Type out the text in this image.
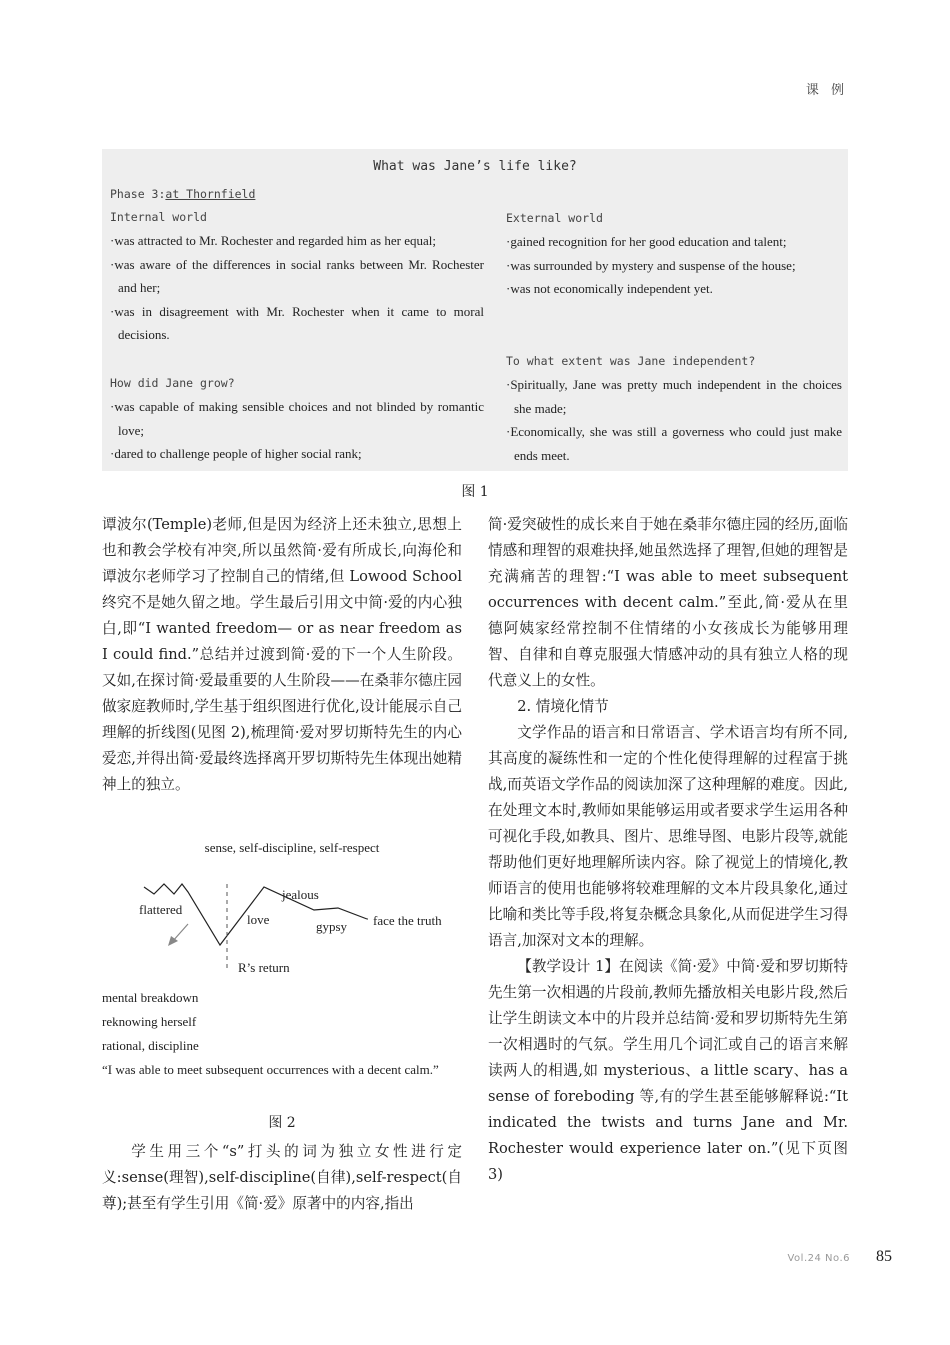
课 例
What was Jane’s life like?
Phase 3:at Thornfield
Internal world
·was attracted to Mr. Rochester and regarded him as her equal;
·was aware of the differences in social ranks between Mr. Rochester and her;
·was in disagreement with Mr. Rochester when it came to moral decisions.
External world
·gained recognition for her good education and talent;
·was surrounded by mystery and suspense of the house;
·was not economically independent yet.
How did Jane grow?
·was capable of making sensible choices and not blinded by romantic love;
·dared to challenge people of higher social rank;
To what extent was Jane independent?
·Spiritually, Jane was pretty much independent in the choices she made;
·Economically, she was still a governess who could just make ends meet.
图 1

谭波尔(Temple)老师,但是因为经济上还未独立,思想上也和教会学校有冲突,所以虽然简·爱有所成长,向海伦和谭波尔老师学习了控制自己的情绪,但 Lowood School 终究不是她久留之地。学生最后引用文中简·爱的内心独白,即“I wanted freedom— or as near freedom as I could find.”总结并过渡到简·爱的下一个人生阶段。又如,在探讨简·爱最重要的人生阶段——在桑菲尔德庄园做家庭教师时,学生基于组织图进行优化,设计能展示自己理解的折线图(见图 2),梳理简·爱对罗切斯特先生的内心爱恋,并得出简·爱最终选择离开罗切斯特先生体现出她精神上的独立。

sense, self-discipline, self-respect
flattered
love
jealous
gypsy face the truth
R’s return
mental breakdown
reknowing herself
rational, discipline
“I was able to meet subsequent occurrences with a decent calm.”
图 2

学生用三个“s”打头的词为独立女性进行定义:sense(理智),self-discipline(自律),self-respect(自尊);甚至有学生引用《简·爱》原著中的内容,指出

简·爱突破性的成长来自于她在桑菲尔德庄园的经历,面临情感和理智的艰难抉择,她虽然选择了理智,但她的理智是充满痛苦的理智:“I was able to meet subsequent occurrences with decent calm.”至此,简·爱从在里德阿姨家经常控制不住情绪的小女孩成长为能够用理智、自律和自尊克服强大情感冲动的具有独立人格的现代意义上的女性。

2. 情境化情节

文学作品的语言和日常语言、学术语言均有所不同,其高度的凝练性和一定的个性化使得理解的过程富于挑战,而英语文学作品的阅读加深了这种理解的难度。因此,在处理文本时,教师如果能够运用或者要求学生运用各种可视化手段,如教具、图片、思维导图、电影片段等,就能帮助他们更好地理解所读内容。除了视觉上的情境化,教师语言的使用也能够将较难理解的文本片段具象化,通过比喻和类比等手段,将复杂概念具象化,从而促进学生习得语言,加深对文本的理解。

【教学设计 1】在阅读《简·爱》中简·爱和罗切斯特先生第一次相遇的片段前,教师先播放相关电影片段,然后让学生朗读文本中的片段并总结简·爱和罗切斯特先生第一次相遇时的气氛。学生用几个词汇或自己的语言来解读两人的相遇,如 mysterious、a little scary、has a sense of foreboding 等,有的学生甚至能够解释说:“It indicated the twists and turns Jane and Mr. Rochester would experience later on.”(见下页图 3)

Vol.24 No.6 85
